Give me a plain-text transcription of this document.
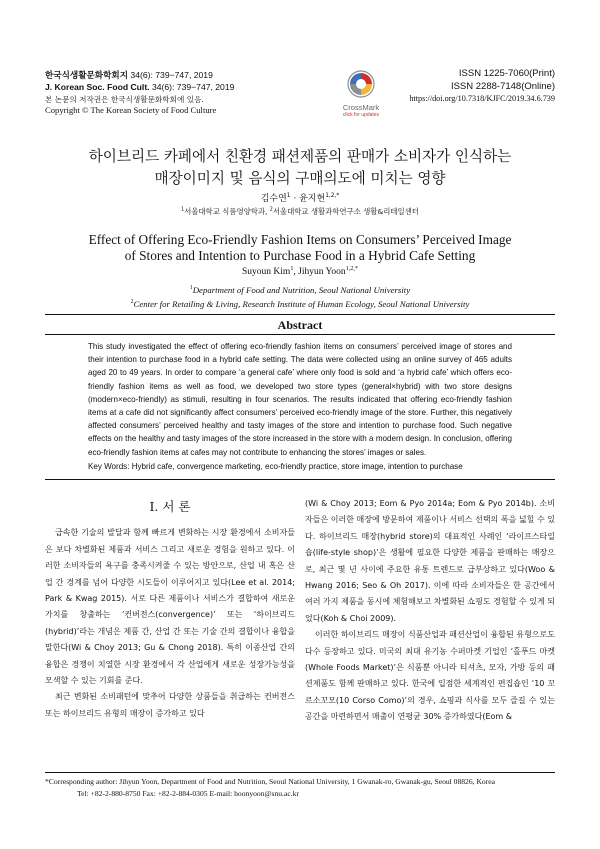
한국식생활문화학회지 34(6): 739−747, 2019
J. Korean Soc. Food Cult. 34(6): 739−747, 2019
본 논문의 저작권은 한국식생활문화학회에 있음.
Copyright © The Korean Society of Food Culture	CrossMark
click for updates
ISSN 1225-7060(Print)
ISSN 2288-7148(Online)
https://doi.org/10.7318/KJFC/2019.34.6.739
하이브리드 카페에서 친환경 패션제품의 판매가 소비자가 인식하는
매장이미지 및 음식의 구매의도에 미치는 영향
김수연$^1$ · 윤지현$^{1,2,*}$
$^1$서울대학교 식품영양학과, $^2$서울대학교 생활과학연구소 생활&리테일센터
Effect of Offering Eco-Friendly Fashion Items on Consumers’ Perceived Image
of Stores and Intention to Purchase Food in a Hybrid Cafe Setting
Suyoun Kim$^1$, Jihyun Yoon$^{1,2,*}$
$^1$Department of Food and Nutrition, Seoul National University
$^2$Center for Retailing & Living, Research Institute of Human Ecology, Seoul National University
Abstract
This study investigated the effect of offering eco-friendly fashion items on consumers’ perceived image of stores and their intention to purchase food in a hybrid cafe setting. The data were collected using an online survey of 465 adults aged 20 to 49 years. In order to compare ‘a general cafe’ where only food is sold and ‘a hybrid cafe’ which offers eco-friendly fashion items as well as food, we developed two store types (general×hybrid) with two store designs (modern×eco-friendly) as stimuli, resulting in four scenarios. The results indicated that offering eco-friendly fashion items at a cafe did not significantly affect consumers’ perceived eco-friendly image of the store. Further, this negatively affected consumers’ perceived healthy and tasty images of the store and intention to purchase food. Such negative effects on the healthy and tasty images of the store increased in the store with a modern design. In conclusion, offering eco-friendly fashion items at cafes may not contribute to enhancing the stores’ images or sales.
Key Words: Hybrid cafe, convergence marketing, eco-friendly practice, store image, intention to purchase
I. 서 론

급속한 기술의 발달과 함께 빠르게 변화하는 시장 환경에서 소비자들은 보다 차별화된 제품과 서비스 그리고 새로운 경험을 원하고 있다. 이러한 소비자들의 욕구를 충족시켜줄 수 있는 방안으로, 산업 내 혹은 산업 간 경계를 넘어 다양한 시도들이 이루어지고 있다(Lee et al. 2014; Park & Kwag 2015). 서로 다른 제품이나 서비스가 결합하여 새로운 가치를 창출하는 ‘컨버전스(convergence)’ 또는 ‘하이브리드(hybrid)’라는 개념은 제품 간, 산업 간 또는 기술 간의 결합이나 융합을 말한다(Wi & Choy 2013; Gu & Chong 2018). 특히 이종산업 간의 융합은 경쟁이 치열한 시장 환경에서 각 산업에게 새로운 성장가능성을 모색할 수 있는 기회를 준다.

최근 변화된 소비패턴에 맞추어 다양한 상품들을 취급하는 컨버전스 또는 하이브리드 유형의 매장이 증가하고 있다

(Wi & Choy 2013; Eom & Pyo 2014a; Eom & Pyo 2014b). 소비자들은 이러한 매장에 방문하여 제품이나 서비스 선택의 폭을 넓힐 수 있다. 하이브리드 매장(hybrid store)의 대표적인 사례인 ‘라이프스타일 숍(life-style shop)’은 생활에 필요한 다양한 제품을 판매하는 매장으로, 최근 몇 년 사이에 주요한 유통 트렌드로 급부상하고 있다(Woo & Hwang 2016; Seo & Oh 2017). 이에 따라 소비자들은 한 공간에서 여러 가지 제품을 동시에 체험해보고 차별화된 쇼핑도 경험할 수 있게 되었다(Koh & Choi 2009).

이러한 하이브리드 매장이 식품산업과 패션산업이 융합된 유형으로도 다수 등장하고 있다. 미국의 최대 유기농 수퍼마켓 기업인 ‘홀푸드 마켓(Whole Foods Market)’은 식품뿐 아니라 티셔츠, 모자, 가방 등의 패션제품도 함께 판매하고 있다. 한국에 입점한 세계적인 편집숍인 ‘10 꼬르소꼬모(10 Corso Como)’의 경우, 쇼핑과 식사를 모두 즐길 수 있는 공간을 마련하면서 매출이 연평균 30% 증가하였다(Eom &

*Corresponding author: Jihyun Yoon, Department of Food and Nutrition, Seoul National University, 1 Gwanak-ro, Gwanak-gu, Seoul 08826, Korea
Tel: +82-2-880-8750 Fax: +82-2-884-0305 E-mail: hoonyoon@snu.ac.kr
